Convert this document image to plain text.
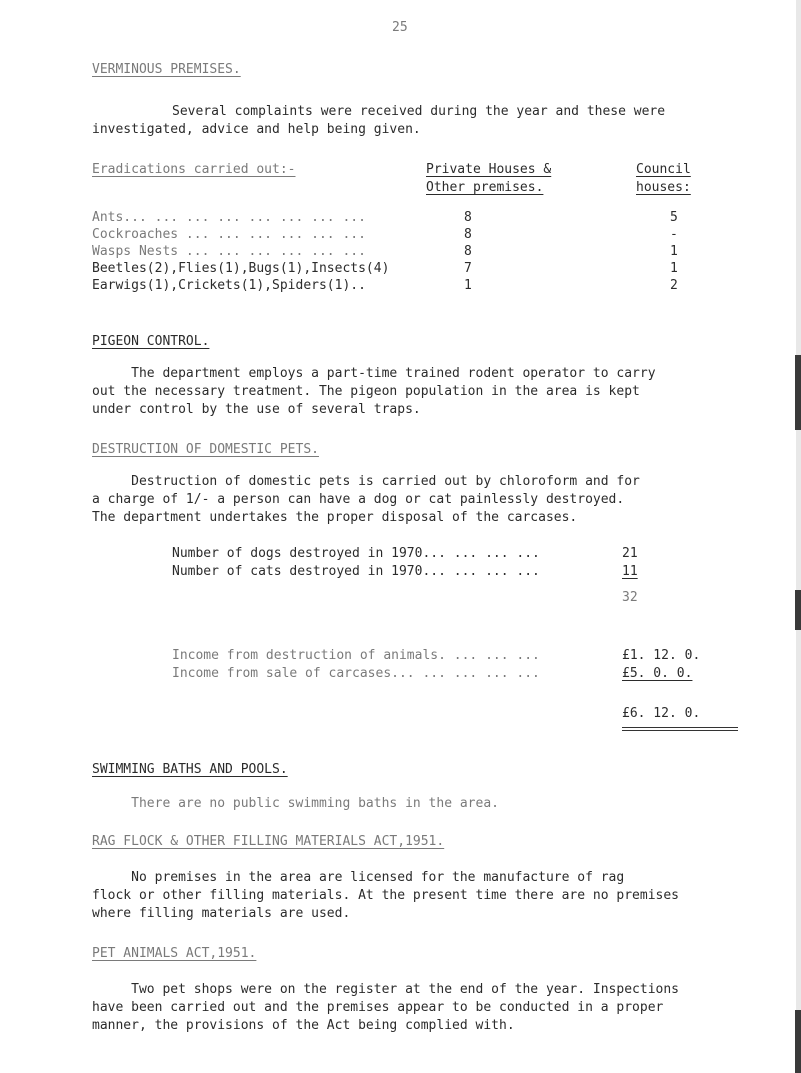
25
VERMINOUS PREMISES.
Several complaints were received during the year and these were
investigated, advice and help being given.
Eradications carried out:-	Private Houses &
Other premises.
Council
houses:
Ants... ... ... ... ... ... ... ...	8	5
Cockroaches ... ... ... ... ... ...	8	-
Wasps Nests ... ... ... ... ... ...	8	1
Beetles(2),Flies(1),Bugs(1),Insects(4)	7	1
Earwigs(1),Crickets(1),Spiders(1)..	1	2
PIGEON CONTROL.
The department employs a part-time trained rodent operator to carry
out the necessary treatment. The pigeon population in the area is kept
under control by the use of several traps.
DESTRUCTION OF DOMESTIC PETS.
Destruction of domestic pets is carried out by chloroform and for
a charge of 1/- a person can have a dog or cat painlessly destroyed.
The department undertakes the proper disposal of the carcases.
Number of dogs destroyed in 1970... ... ... ...	21
Number of cats destroyed in 1970... ... ... ...	11
32
Income from destruction of animals. ... ... ...	£1. 12. 0.
Income from sale of carcases... ... ... ... ...	£5. 0. 0.
£6. 12. 0.
SWIMMING BATHS AND POOLS.
There are no public swimming baths in the area.
RAG FLOCK & OTHER FILLING MATERIALS ACT,1951.
No premises in the area are licensed for the manufacture of rag
flock or other filling materials. At the present time there are no premises
where filling materials are used.
PET ANIMALS ACT,1951.
Two pet shops were on the register at the end of the year. Inspections
have been carried out and the premises appear to be conducted in a proper
manner, the provisions of the Act being complied with.
